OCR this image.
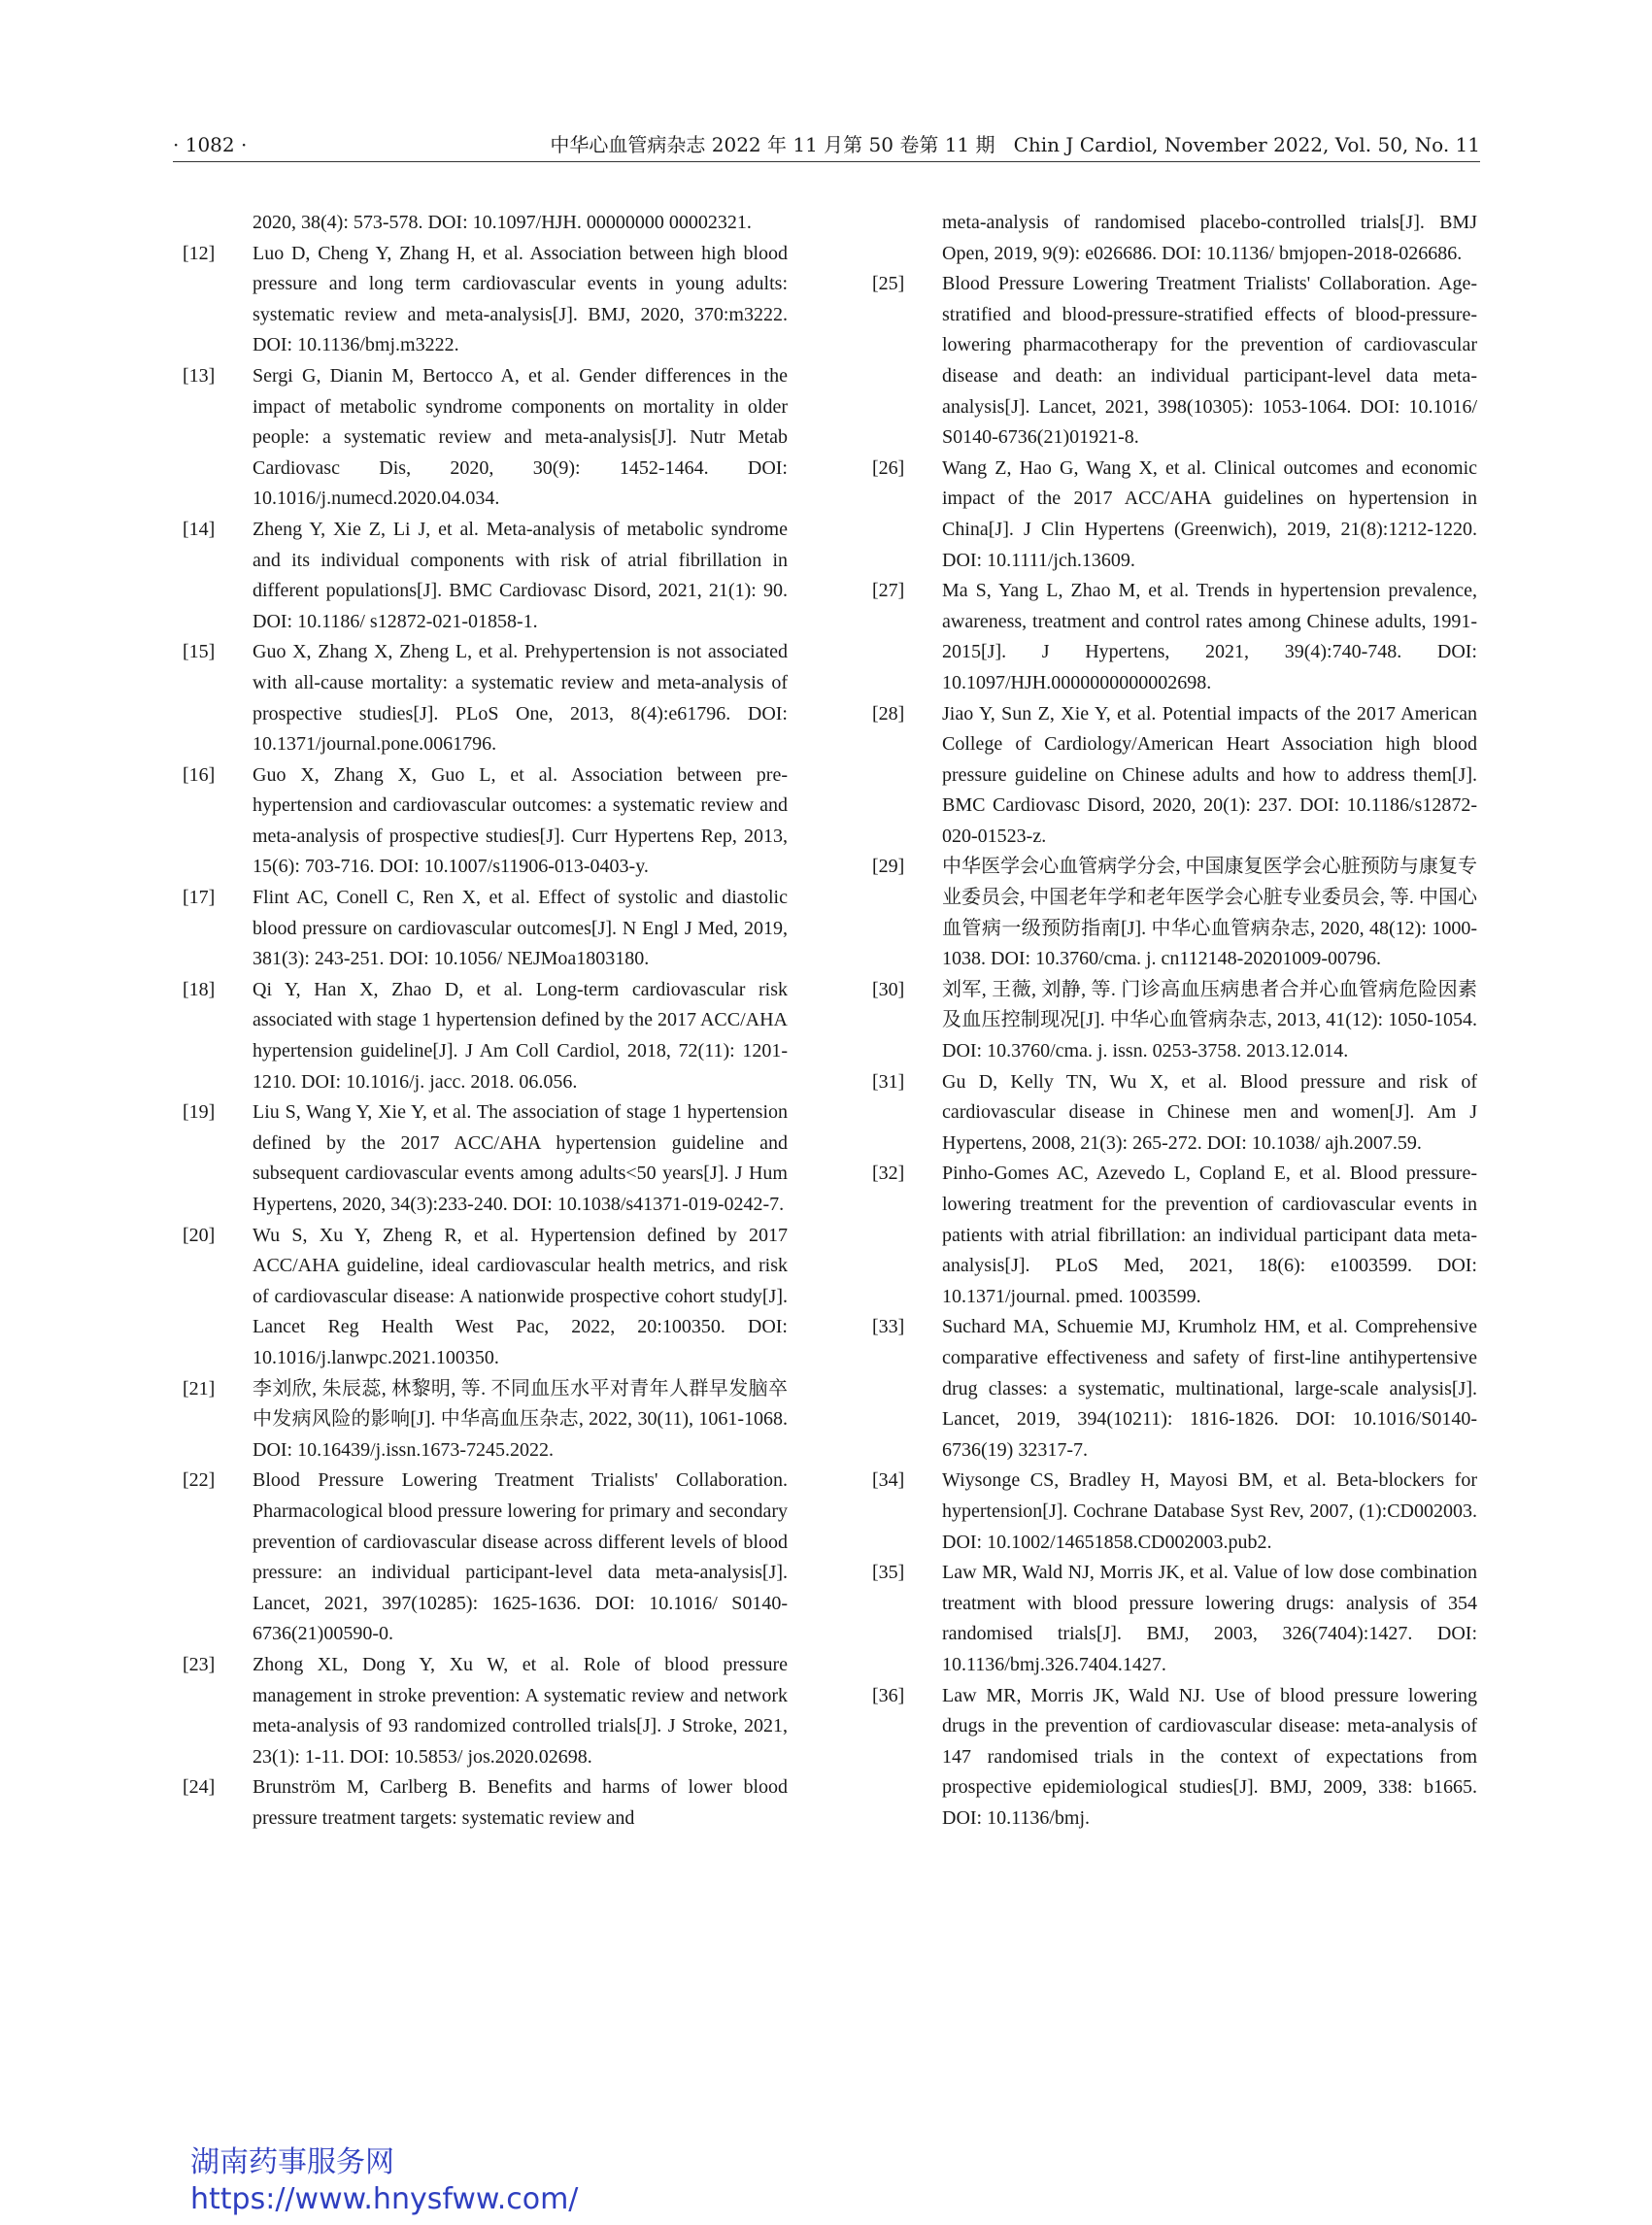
· 1082 ·	中华心血管病杂志 2022 年 11 月第 50 卷第 11 期   Chin J Cardiol, November 2022, Vol. 50, No. 11
2020, 38(4): 573-578. DOI: 10.1097/HJH. 00000000 00002321.
[12] Luo D, Cheng Y, Zhang H, et al. Association between high blood pressure and long term cardiovascular events in young adults: systematic review and meta-analysis[J]. BMJ, 2020, 370:m3222. DOI: 10.1136/bmj.m3222.
[13] Sergi G, Dianin M, Bertocco A, et al. Gender differences in the impact of metabolic syndrome components on mortality in older people: a systematic review and meta-analysis[J]. Nutr Metab Cardiovasc Dis, 2020, 30(9): 1452-1464. DOI: 10.1016/j.numecd.2020.04.034.
[14] Zheng Y, Xie Z, Li J, et al. Meta-analysis of metabolic syndrome and its individual components with risk of atrial fibrillation in different populations[J]. BMC Cardiovasc Disord, 2021, 21(1): 90. DOI: 10.1186/ s12872-021-01858-1.
[15] Guo X, Zhang X, Zheng L, et al. Prehypertension is not associated with all-cause mortality: a systematic review and meta-analysis of prospective studies[J]. PLoS One, 2013, 8(4):e61796. DOI: 10.1371/journal.pone.0061796.
[16] Guo X, Zhang X, Guo L, et al. Association between pre-hypertension and cardiovascular outcomes: a systematic review and meta-analysis of prospective studies[J]. Curr Hypertens Rep, 2013, 15(6): 703-716. DOI: 10.1007/s11906-013-0403-y.
[17] Flint AC, Conell C, Ren X, et al. Effect of systolic and diastolic blood pressure on cardiovascular outcomes[J]. N Engl J Med, 2019, 381(3): 243-251. DOI: 10.1056/ NEJMoa1803180.
[18] Qi Y, Han X, Zhao D, et al. Long-term cardiovascular risk associated with stage 1 hypertension defined by the 2017 ACC/AHA hypertension guideline[J]. J Am Coll Cardiol, 2018, 72(11): 1201-1210. DOI: 10.1016/j. jacc. 2018. 06.056.
[19] Liu S, Wang Y, Xie Y, et al. The association of stage 1 hypertension defined by the 2017 ACC/AHA hypertension guideline and subsequent cardiovascular events among adults<50 years[J]. J Hum Hypertens, 2020, 34(3):233-240. DOI: 10.1038/s41371-019-0242-7.
[20] Wu S, Xu Y, Zheng R, et al. Hypertension defined by 2017 ACC/AHA guideline, ideal cardiovascular health metrics, and risk of cardiovascular disease: A nationwide prospective cohort study[J]. Lancet Reg Health West Pac, 2022, 20:100350. DOI: 10.1016/j.lanwpc.2021.100350.
[21] 李刘欣, 朱辰蕊, 林黎明, 等. 不同血压水平对青年人群早发脑卒中发病风险的影响[J]. 中华高血压杂志, 2022, 30(11), 1061-1068. DOI: 10.16439/j.issn.1673-7245.2022.
[22] Blood Pressure Lowering Treatment Trialists' Collaboration. Pharmacological blood pressure lowering for primary and secondary prevention of cardiovascular disease across different levels of blood pressure: an individual participant-level data meta-analysis[J]. Lancet, 2021, 397(10285): 1625-1636. DOI: 10.1016/ S0140-6736(21)00590-0.
[23] Zhong XL, Dong Y, Xu W, et al. Role of blood pressure management in stroke prevention: A systematic review and network meta-analysis of 93 randomized controlled trials[J]. J Stroke, 2021, 23(1): 1-11. DOI: 10.5853/ jos.2020.02698.
[24] Brunström M, Carlberg B. Benefits and harms of lower blood pressure treatment targets: systematic review and
meta-analysis of randomised placebo-controlled trials[J]. BMJ Open, 2019, 9(9): e026686. DOI: 10.1136/ bmjopen-2018-026686.
[25] Blood Pressure Lowering Treatment Trialists' Collaboration. Age-stratified and blood-pressure-stratified effects of blood-pressure-lowering pharmacotherapy for the prevention of cardiovascular disease and death: an individual participant-level data meta-analysis[J]. Lancet, 2021, 398(10305): 1053-1064. DOI: 10.1016/ S0140-6736(21)01921-8.
[26] Wang Z, Hao G, Wang X, et al. Clinical outcomes and economic impact of the 2017 ACC/AHA guidelines on hypertension in China[J]. J Clin Hypertens (Greenwich), 2019, 21(8):1212-1220. DOI: 10.1111/jch.13609.
[27] Ma S, Yang L, Zhao M, et al. Trends in hypertension prevalence, awareness, treatment and control rates among Chinese adults, 1991-2015[J]. J Hypertens, 2021, 39(4):740-748. DOI: 10.1097/HJH.0000000000002698.
[28] Jiao Y, Sun Z, Xie Y, et al. Potential impacts of the 2017 American College of Cardiology/American Heart Association high blood pressure guideline on Chinese adults and how to address them[J]. BMC Cardiovasc Disord, 2020, 20(1): 237. DOI: 10.1186/s12872- 020-01523-z.
[29] 中华医学会心血管病学分会, 中国康复医学会心脏预防与康复专业委员会, 中国老年学和老年医学会心脏专业委员会, 等. 中国心血管病一级预防指南[J]. 中华心血管病杂志, 2020, 48(12): 1000-1038. DOI: 10.3760/cma. j. cn112148-20201009-00796.
[30] 刘军, 王薇, 刘静, 等. 门诊高血压病患者合并心血管病危险因素及血压控制现况[J]. 中华心血管病杂志, 2013, 41(12): 1050-1054. DOI: 10.3760/cma. j. issn. 0253-3758. 2013.12.014.
[31] Gu D, Kelly TN, Wu X, et al. Blood pressure and risk of cardiovascular disease in Chinese men and women[J]. Am J Hypertens, 2008, 21(3): 265-272. DOI: 10.1038/ ajh.2007.59.
[32] Pinho-Gomes AC, Azevedo L, Copland E, et al. Blood pressure-lowering treatment for the prevention of cardiovascular events in patients with atrial fibrillation: an individual participant data meta-analysis[J]. PLoS Med, 2021, 18(6): e1003599. DOI: 10.1371/journal. pmed. 1003599.
[33] Suchard MA, Schuemie MJ, Krumholz HM, et al. Comprehensive comparative effectiveness and safety of first-line antihypertensive drug classes: a systematic, multinational, large-scale analysis[J]. Lancet, 2019, 394(10211): 1816-1826. DOI: 10.1016/S0140-6736(19) 32317-7.
[34] Wiysonge CS, Bradley H, Mayosi BM, et al. Beta-blockers for hypertension[J]. Cochrane Database Syst Rev, 2007, (1):CD002003. DOI: 10.1002/14651858.CD002003.pub2.
[35] Law MR, Wald NJ, Morris JK, et al. Value of low dose combination treatment with blood pressure lowering drugs: analysis of 354 randomised trials[J]. BMJ, 2003, 326(7404):1427. DOI: 10.1136/bmj.326.7404.1427.
[36] Law MR, Morris JK, Wald NJ. Use of blood pressure lowering drugs in the prevention of cardiovascular disease: meta-analysis of 147 randomised trials in the context of expectations from prospective epidemiological studies[J]. BMJ, 2009, 338: b1665. DOI: 10.1136/bmj.
湖南药事服务网
https://www.hnysfww.com/
